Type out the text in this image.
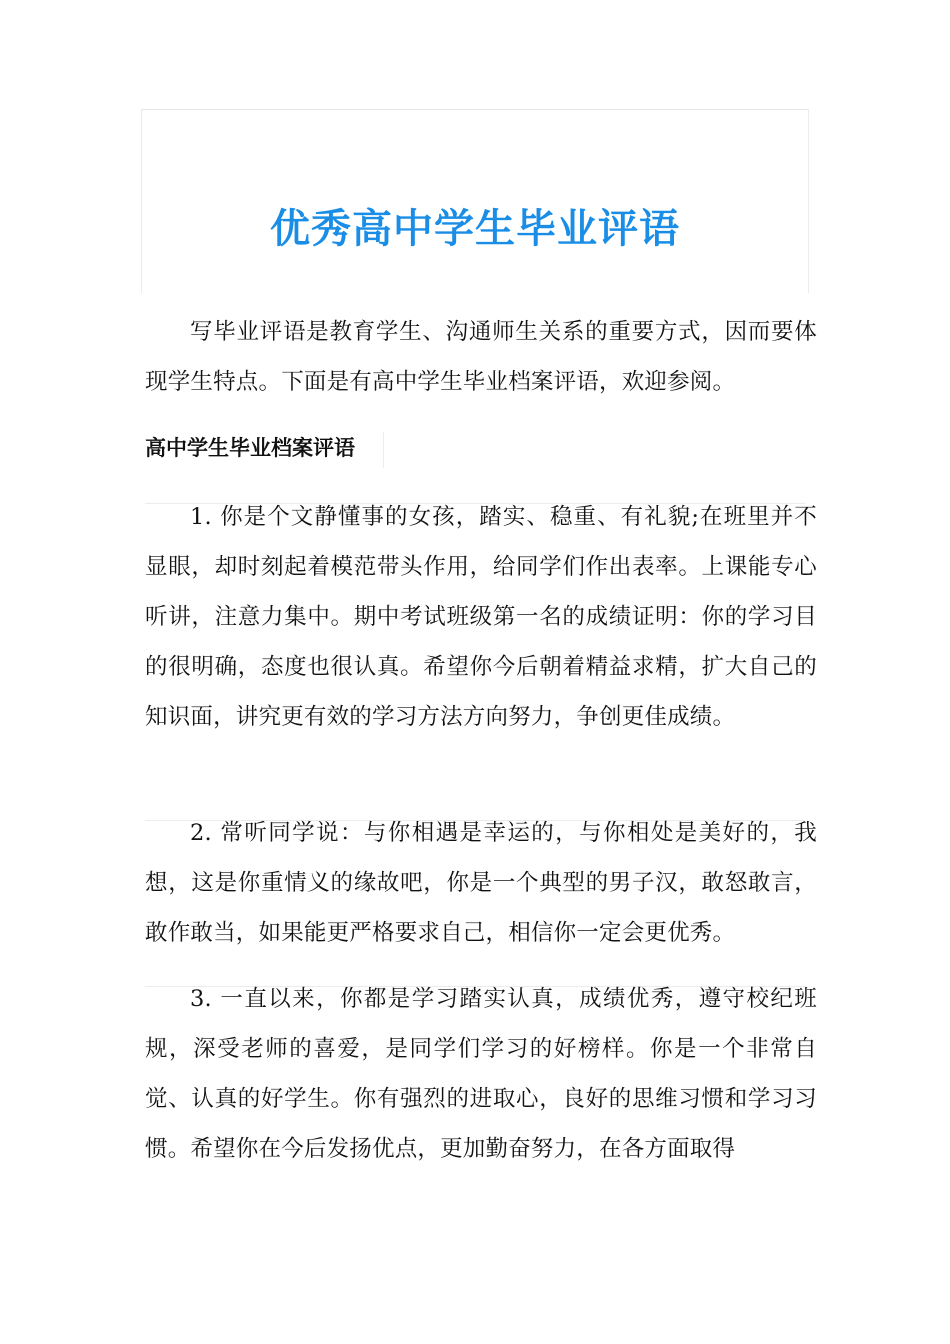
优秀高中学生毕业评语

写毕业评语是教育学生、沟通师生关系的重要方式，因而要体现学生特点。下面是有高中学生毕业档案评语，欢迎参阅。

高中学生毕业档案评语

1. 你是个文静懂事的女孩，踏实、稳重、有礼貌;在班里并不显眼，却时刻起着模范带头作用，给同学们作出表率。上课能专心听讲，注意力集中。期中考试班级第一名的成绩证明：你的学习目的很明确，态度也很认真。希望你今后朝着精益求精，扩大自己的知识面，讲究更有效的学习方法方向努力，争创更佳成绩。

2. 常听同学说：与你相遇是幸运的，与你相处是美好的，我想，这是你重情义的缘故吧，你是一个典型的男子汉，敢怒敢言，敢作敢当，如果能更严格要求自己，相信你一定会更优秀。

3. 一直以来，你都是学习踏实认真，成绩优秀，遵守校纪班规，深受老师的喜爱，是同学们学习的好榜样。你是一个非常自觉、认真的好学生。你有强烈的进取心，良好的思维习惯和学习习惯。希望你在今后发扬优点，更加勤奋努力，在各方面取得
